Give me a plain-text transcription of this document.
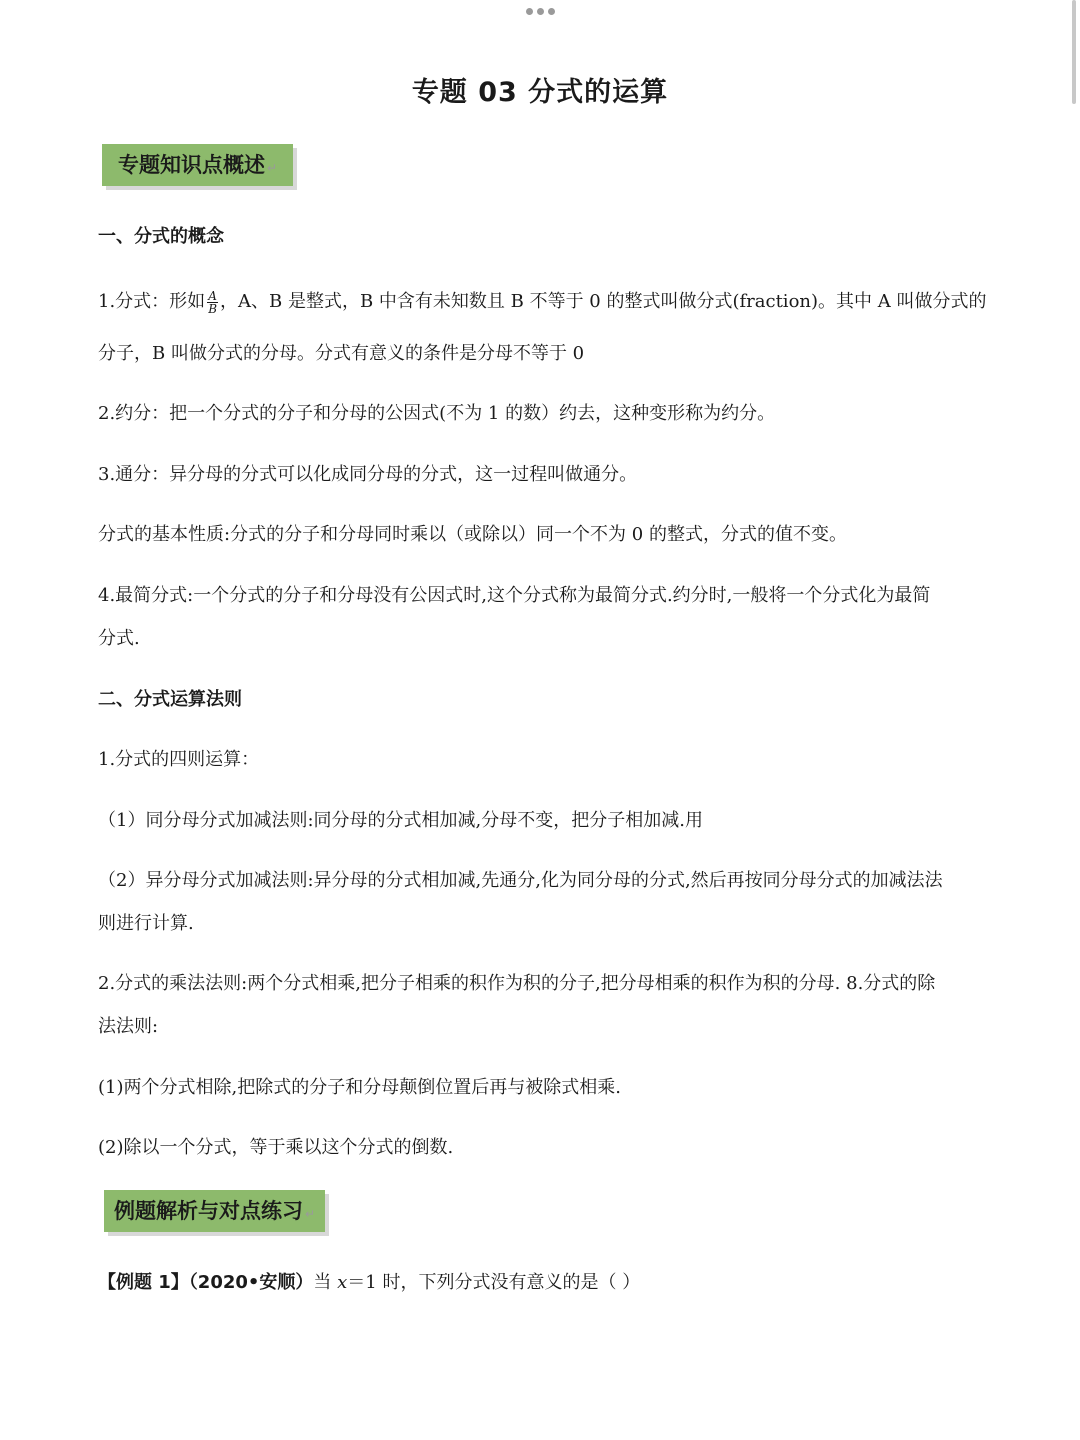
专题 03 分式的运算
专题知识点概述 ↵
一、分式的概念
1.分式：形如 $\frac{A}{B}$ ，A、B 是整式，B 中含有未知数且 B 不等于 0 的整式叫做分式(fraction)。其中 A 叫做分式的
分子，B 叫做分式的分母。分式有意义的条件是分母不等于 0
2.约分：把一个分式的分子和分母的公因式(不为 1 的数）约去，这种变形称为约分。
3.通分：异分母的分式可以化成同分母的分式，这一过程叫做通分。
分式的基本性质:分式的分子和分母同时乘以（或除以）同一个不为 0 的整式，分式的值不变。
4.最简分式:一个分式的分子和分母没有公因式时,这个分式称为最简分式.约分时,一般将一个分式化为最简
分式.
二、分式运算法则
1.分式的四则运算：
（1）同分母分式加减法则:同分母的分式相加减,分母不变，把分子相加减.用
（2）异分母分式加减法则:异分母的分式相加减,先通分,化为同分母的分式,然后再按同分母分式的加减法法
则进行计算.
2.分式的乘法法则:两个分式相乘,把分子相乘的积作为积的分子,把分母相乘的积作为积的分母. 8.分式的除
法法则:
(1)两个分式相除,把除式的分子和分母颠倒位置后再与被除式相乘.
(2)除以一个分式，等于乘以这个分式的倒数.
例题解析与对点练习 ↵
【例题 1】（2020•安顺）当 x＝1 时，下列分式没有意义的是（ ）
